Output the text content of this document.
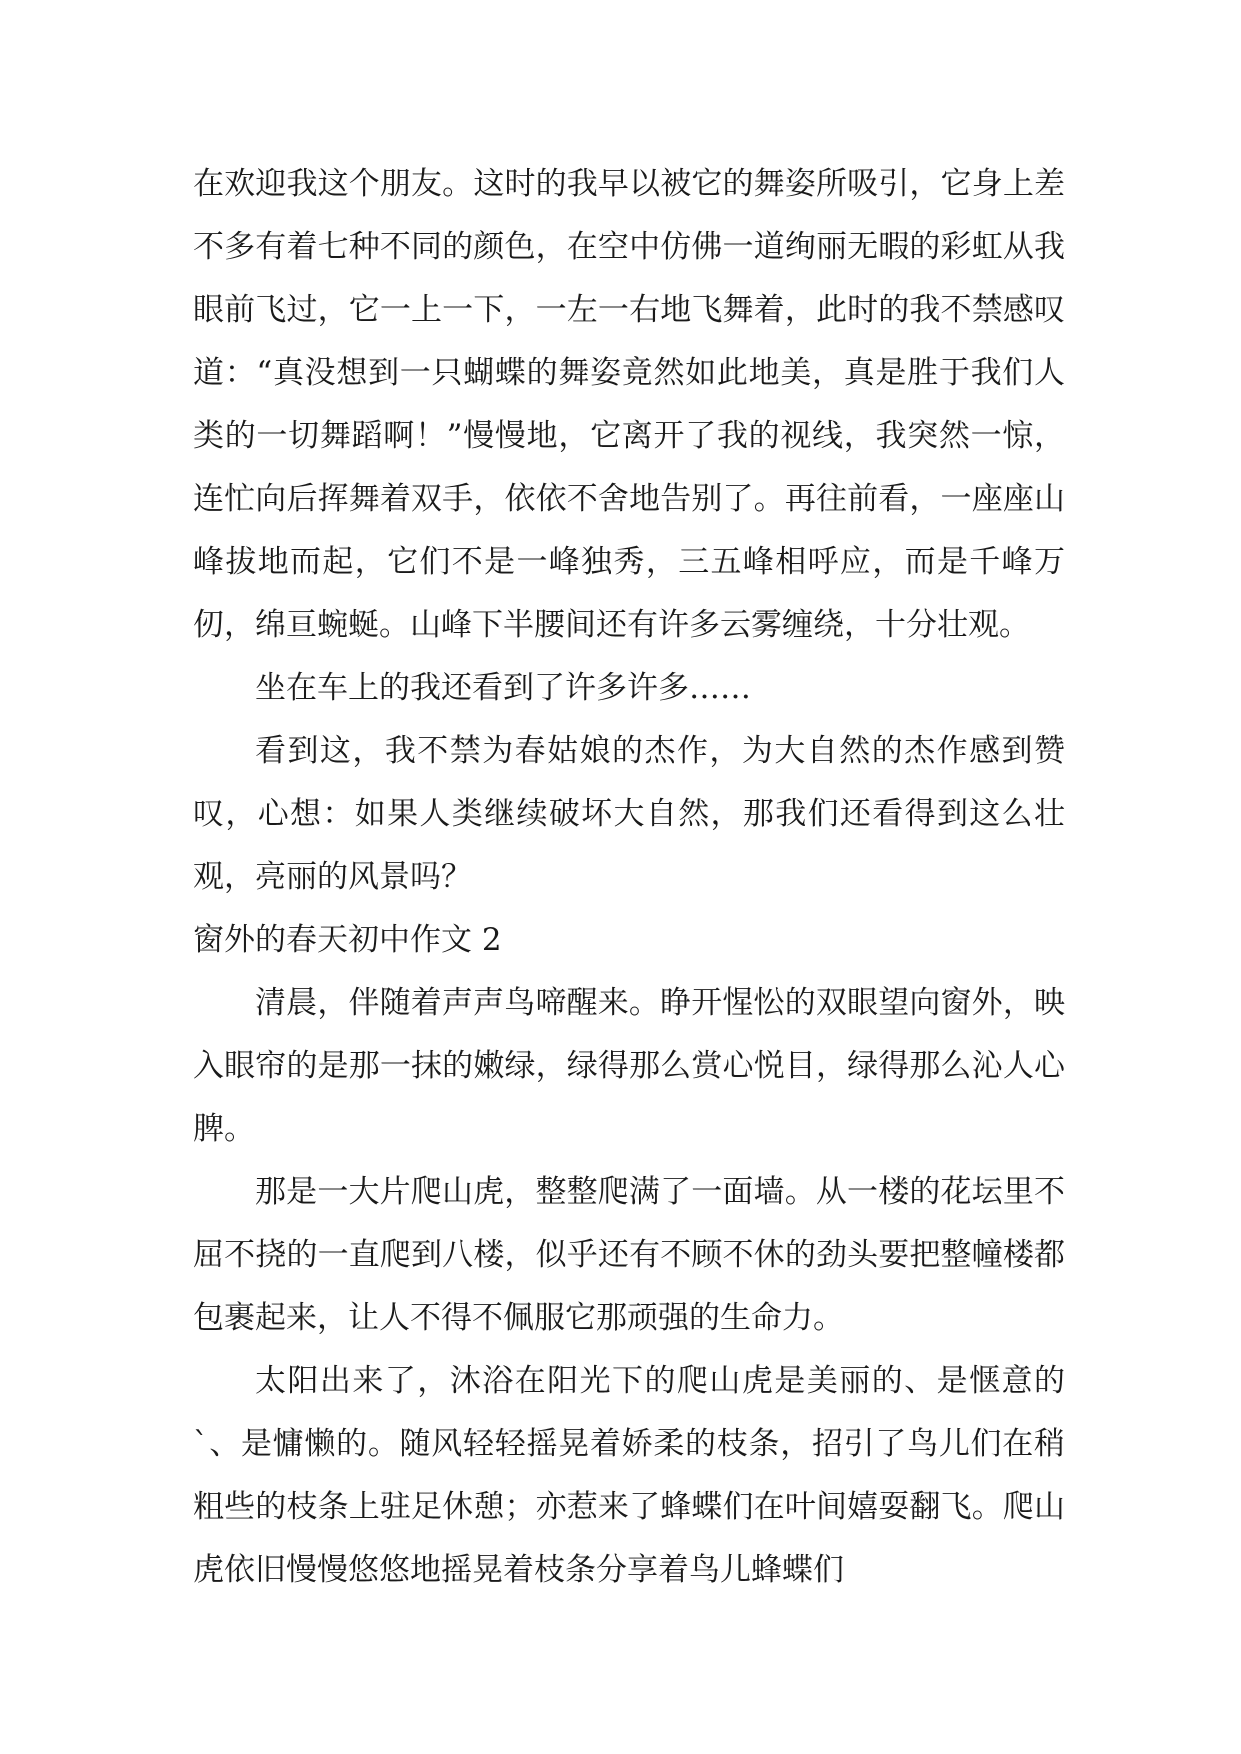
在欢迎我这个朋友。这时的我早以被它的舞姿所吸引，它身上差不多有着七种不同的颜色，在空中仿佛一道绚丽无暇的彩虹从我眼前飞过，它一上一下，一左一右地飞舞着，此时的我不禁感叹道：“真没想到一只蝴蝶的舞姿竟然如此地美，真是胜于我们人类的一切舞蹈啊！”慢慢地，它离开了我的视线，我突然一惊，连忙向后挥舞着双手，依依不舍地告别了。再往前看，一座座山峰拔地而起，它们不是一峰独秀，三五峰相呼应，而是千峰万仞，绵亘蜿蜒。山峰下半腰间还有许多云雾缠绕，十分壮观。

坐在车上的我还看到了许多许多……

看到这，我不禁为春姑娘的杰作，为大自然的杰作感到赞叹，心想：如果人类继续破坏大自然，那我们还看得到这么壮观，亮丽的风景吗？

窗外的春天初中作文 2

清晨，伴随着声声鸟啼醒来。睁开惺忪的双眼望向窗外，映入眼帘的是那一抹的嫩绿，绿得那么赏心悦目，绿得那么沁人心脾。

那是一大片爬山虎，整整爬满了一面墙。从一楼的花坛里不屈不挠的一直爬到八楼，似乎还有不顾不休的劲头要把整幢楼都包裹起来，让人不得不佩服它那顽强的生命力。

太阳出来了，沐浴在阳光下的爬山虎是美丽的、是惬意的`、是慵懒的。随风轻轻摇晃着娇柔的枝条，招引了鸟儿们在稍粗些的枝条上驻足休憩；亦惹来了蜂蝶们在叶间嬉耍翻飞。爬山虎依旧慢慢悠悠地摇晃着枝条分享着鸟儿蜂蝶们
